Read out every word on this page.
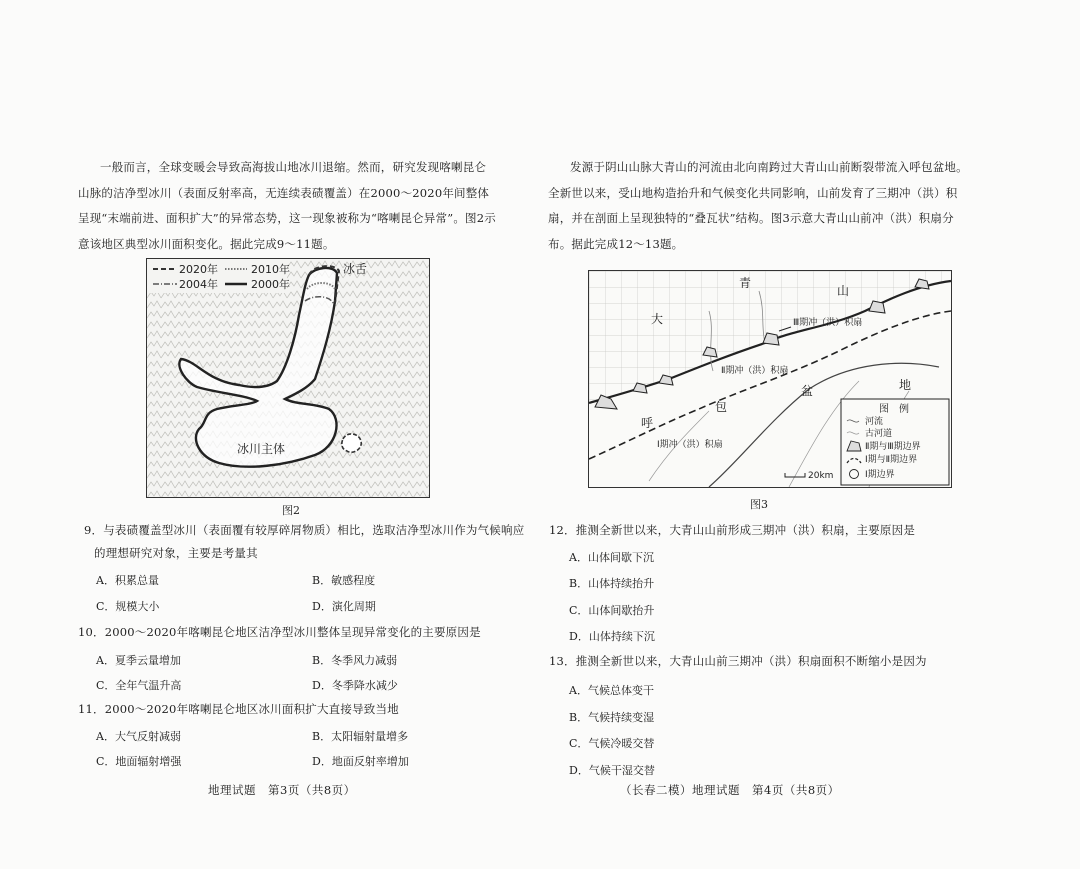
一般而言，全球变暖会导致高海拔山地冰川退缩。然而，研究发现喀喇昆仑山脉的洁净型冰川（表面反射率高，无连续表碛覆盖）在2000～2020年间整体呈现“末端前进、面积扩大”的异常态势，这一现象被称为“喀喇昆仑异常”。图2示意该地区典型冰川面积变化。据此完成9～11题。

2020年	2010年
2004年	2000年
冰舌
冰川主体
图2
9．与表碛覆盖型冰川（表面覆有较厚碎屑物质）相比，选取洁净型冰川作为气候响应
的理想研究对象，主要是考量其
A．积累总量	B．敏感程度
C．规模大小	D．演化周期
10．2000～2020年喀喇昆仑地区洁净型冰川整体呈现异常变化的主要原因是
A．夏季云量增加	B．冬季风力减弱
C．全年气温升高	D．冬季降水减少
11．2000～2020年喀喇昆仑地区冰川面积扩大直接导致当地
A．大气反射减弱	B．太阳辐射量增多
C．地面辐射增强	D．地面反射率增加
地理试题　第3页（共8页）

发源于阴山山脉大青山的河流由北向南跨过大青山山前断裂带流入呼包盆地。全新世以来，受山地构造抬升和气候变化共同影响，山前发育了三期冲（洪）积扇，并在剖面上呈现独特的“叠瓦状”结构。图3示意大青山山前冲（洪）积扇分布。据此完成12～13题。

大
青
山
Ⅲ期冲（洪）积扇
Ⅱ期冲（洪）积扇
Ⅰ期冲（洪）积扇
呼
包
盆	地
图　例
河流
古河道
Ⅱ期与Ⅲ期边界
Ⅰ期与Ⅱ期边界
Ⅰ期边界
20km
图3
12．推测全新世以来，大青山山前形成三期冲（洪）积扇，主要原因是
A．山体间歇下沉
B．山体持续抬升
C．山体间歇抬升
D．山体持续下沉
13．推测全新世以来，大青山山前三期冲（洪）积扇面积不断缩小是因为
A．气候总体变干
B．气候持续变湿
C．气候冷暖交替
D．气候干湿交替
（长春二模）地理试题　第4页（共8页）
